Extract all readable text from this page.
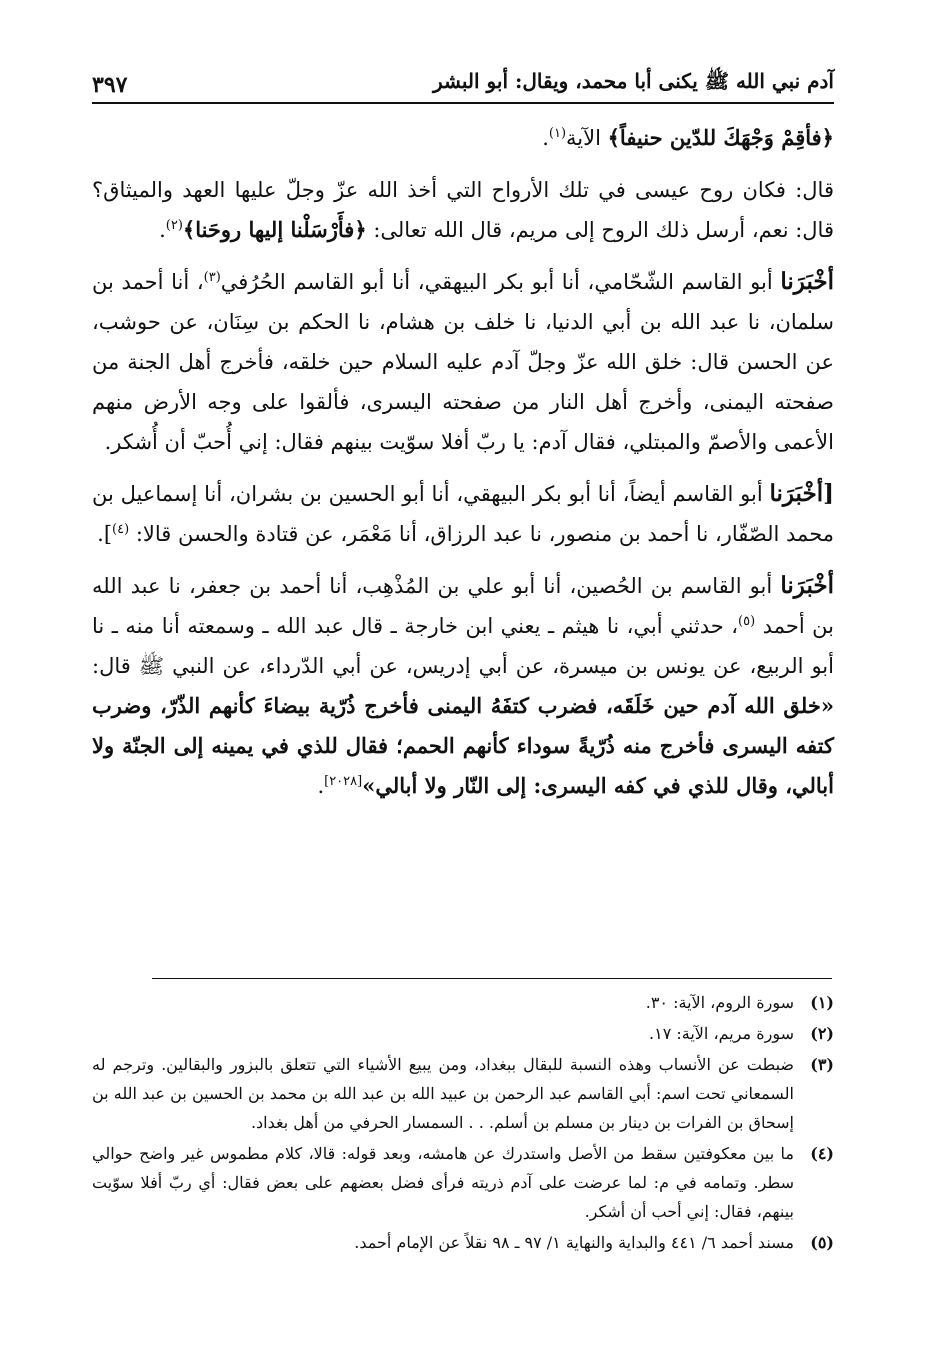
آدم نبي الله ﷺ يكنى أبا محمد، ويقال: أبو البشر
٣٩٧

﴿فأقِمْ وَجْهَكَ للدّين حنيفاً﴾ الآية$^{(١)}$.

قال: فكان روح عيسى في تلك الأرواح التي أخذ الله عزّ وجلّ عليها العهد والميثاق؟ قال: نعم، أرسل ذلك الروح إلى مريم، قال الله تعالى: ﴿فأَرْسَلْنا إليها روحَنا﴾$^{(٢)}$.

أخْبَرَنا أبو القاسم الشّحّامي، أنا أبو بكر البيهقي، أنا أبو القاسم الحُرُفي$^{(٣)}$، أنا أحمد بن سلمان، نا عبد الله بن أبي الدنيا، نا خلف بن هشام، نا الحكم بن سِنَان، عن حوشب، عن الحسن قال: خلق الله عزّ وجلّ آدم عليه السلام حين خلقه، فأخرج أهل الجنة من صفحته اليمنى، وأخرج أهل النار من صفحته اليسرى، فألقوا على وجه الأرض منهم الأعمى والأصمّ والمبتلي، فقال آدم: يا ربّ أفلا سوّيت بينهم فقال: إني أُحبّ أن أُشكر.

[أخْبَرَنا أبو القاسم أيضاً، أنا أبو بكر البيهقي، أنا أبو الحسين بن بشران، أنا إسماعيل بن محمد الصّفّار، نا أحمد بن منصور، نا عبد الرزاق، أنا مَعْمَر، عن قتادة والحسن قالا: $^{(٤)}$].

أخْبَرَنا أبو القاسم بن الحُصين، أنا أبو علي بن المُذْهِب، أنا أحمد بن جعفر، نا عبد الله بن أحمد $^{(٥)}$، حدثني أبي، نا هيثم ـ يعني ابن خارجة ـ قال عبد الله ـ وسمعته أنا منه ـ نا أبو الربيع، عن يونس بن ميسرة، عن أبي إدريس، عن أبي الدّرداء، عن النبي ﷺ قال: «خلق الله آدم حين خَلَقَه، فضرب كتفَهُ اليمنى فأخرج ذُرّية بيضاءَ كأنهم الذّرّ، وضرب كتفه اليسرى فأخرج منه ذُرّيةً سوداء كأنهم الحمم؛ فقال للذي في يمينه إلى الجنّة ولا أبالي، وقال للذي في كفه اليسرى: إلى النّار ولا أبالي»[٢٠٢٨].

(١)
سورة الروم، الآية: ٣٠.
(٢)
سورة مريم، الآية: ١٧.
(٣)
ضبطت عن الأنساب وهذه النسبة للبقال ببغداد، ومن يبيع الأشياء التي تتعلق بالبزور والبقالين. وترجم له السمعاني تحت اسم: أبي القاسم عبد الرحمن بن عبيد الله بن عبد الله بن محمد بن الحسين بن عبد الله بن إسحاق بن الفرات بن دينار بن مسلم بن أسلم. . . السمسار الحرفي من أهل بغداد.
(٤)
ما بين معكوفتين سقط من الأصل واستدرك عن هامشه، وبعد قوله: قالا، كلام مطموس غير واضح حوالي سطر. وتمامه في م: لما عرضت على آدم ذريته فرأى فضل بعضهم على بعض فقال: أي ربّ أفلا سوّيت بينهم، فقال: إني أحب أن أشكر.
(٥)
مسند أحمد ٦/ ٤٤١ والبداية والنهاية ١/ ٩٧ ـ ٩٨ نقلاً عن الإمام أحمد.
